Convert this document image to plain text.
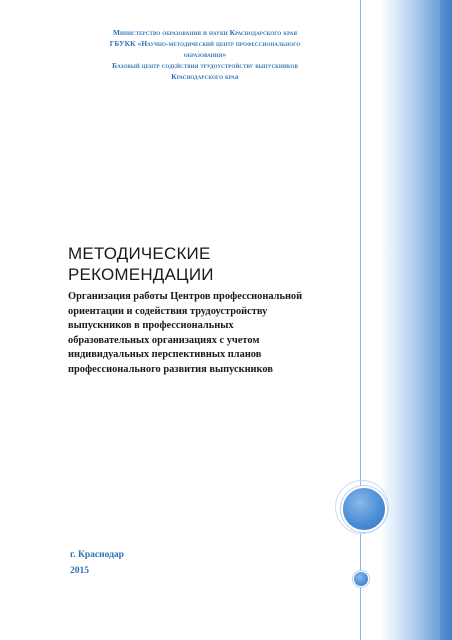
Министерство образования и науки Краснодарского края
ГБУКК «Научно-методический центр профессионального
образования»
Базовый центр содействия трудоустройству выпускников
Краснодарского края
МЕТОДИЧЕСКИЕ
РЕКОМЕНДАЦИИ
Организация работы Центров профессиональной
ориентации и содействия трудоустройству
выпускников в профессиональных
образовательных организациях с учетом
индивидуальных перспективных планов
профессионального развития выпускников
г. Краснодар
2015
